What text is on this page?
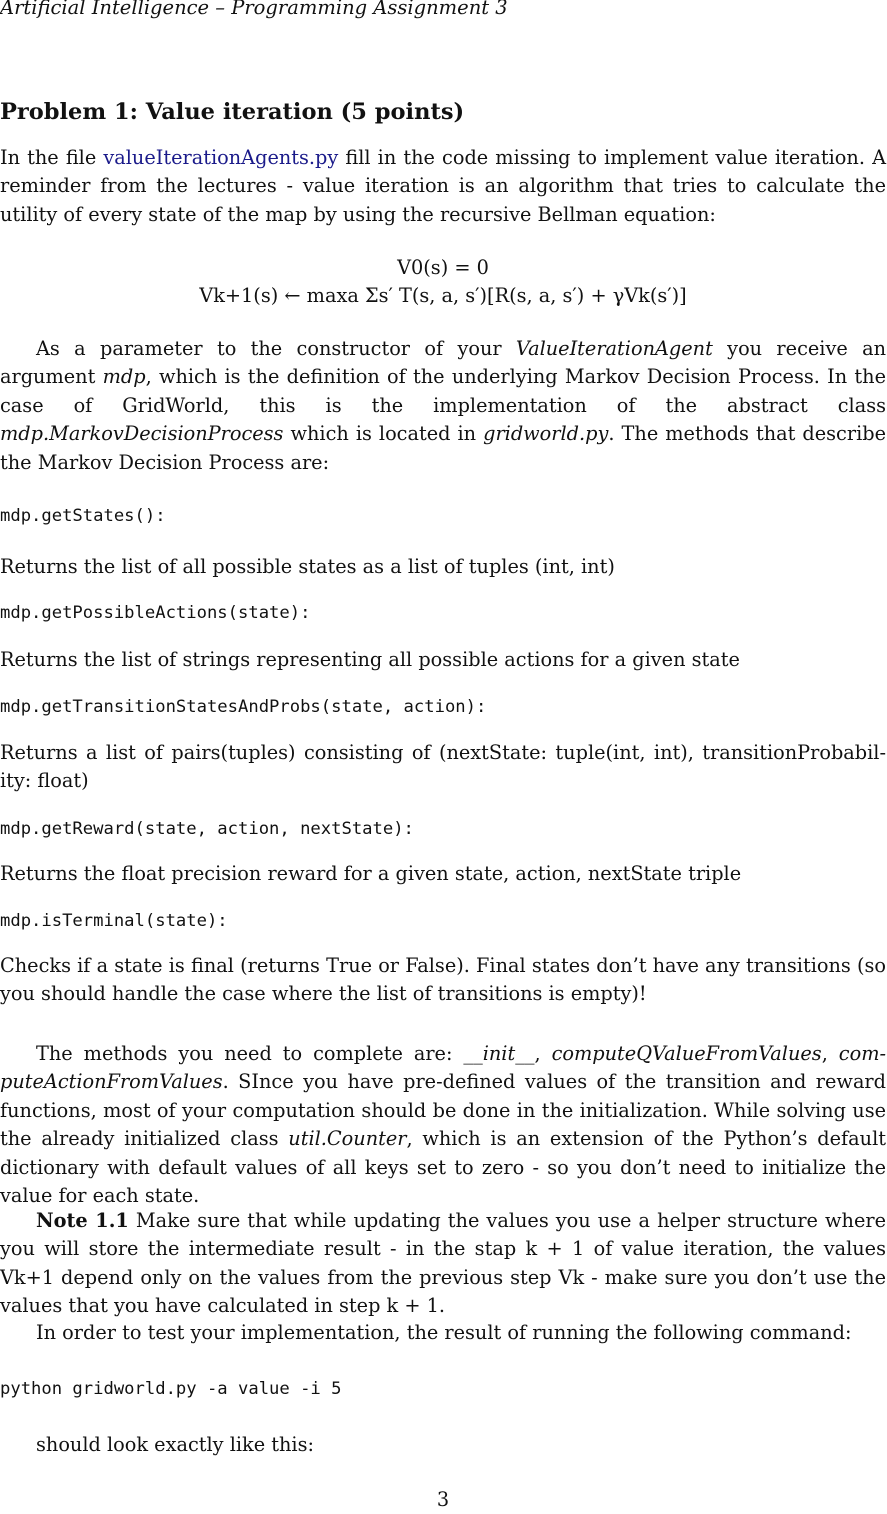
Artificial Intelligence – Programming Assignment 3
Problem 1: Value iteration (5 points)
In the file valueIterationAgents.py fill in the code missing to implement value iteration. A reminder from the lectures - value iteration is an algorithm that tries to calculate the utility of every state of the map by using the recursive Bellman equation:
V0(s) = 0
Vk+1(s) ← maxa Σs′ T(s, a, s′)[R(s, a, s′) + γVk(s′)]
As a parameter to the constructor of your ValueIterationAgent you receive an argument mdp, which is the definition of the underlying Markov Decision Process. In the case of GridWorld, this is the implementation of the abstract class mdp.MarkovDecisionProcess which is located in gridworld.py. The methods that describe the Markov Decision Process are:
mdp.getStates():
Returns the list of all possible states as a list of tuples (int, int)
mdp.getPossibleActions(state):
Returns the list of strings representing all possible actions for a given state
mdp.getTransitionStatesAndProbs(state, action):
Returns a list of pairs(tuples) consisting of (nextState: tuple(int, int), transitionProbabil-ity: float)
mdp.getReward(state, action, nextState):
Returns the float precision reward for a given state, action, nextState triple
mdp.isTerminal(state):
Checks if a state is final (returns True or False). Final states don’t have any transitions (so you should handle the case where the list of transitions is empty)!
The methods you need to complete are: __init__, computeQValueFromValues, com-puteActionFromValues. SInce you have pre-defined values of the transition and reward functions, most of your computation should be done in the initialization. While solving use the already initialized class util.Counter, which is an extension of the Python’s default dictionary with default values of all keys set to zero - so you don’t need to initialize the value for each state.
Note 1.1 Make sure that while updating the values you use a helper structure where you will store the intermediate result - in the stap k + 1 of value iteration, the values Vk+1 depend only on the values from the previous step Vk - make sure you don’t use the values that you have calculated in step k + 1.
In order to test your implementation, the result of running the following command:
python gridworld.py -a value -i 5
should look exactly like this:
3
